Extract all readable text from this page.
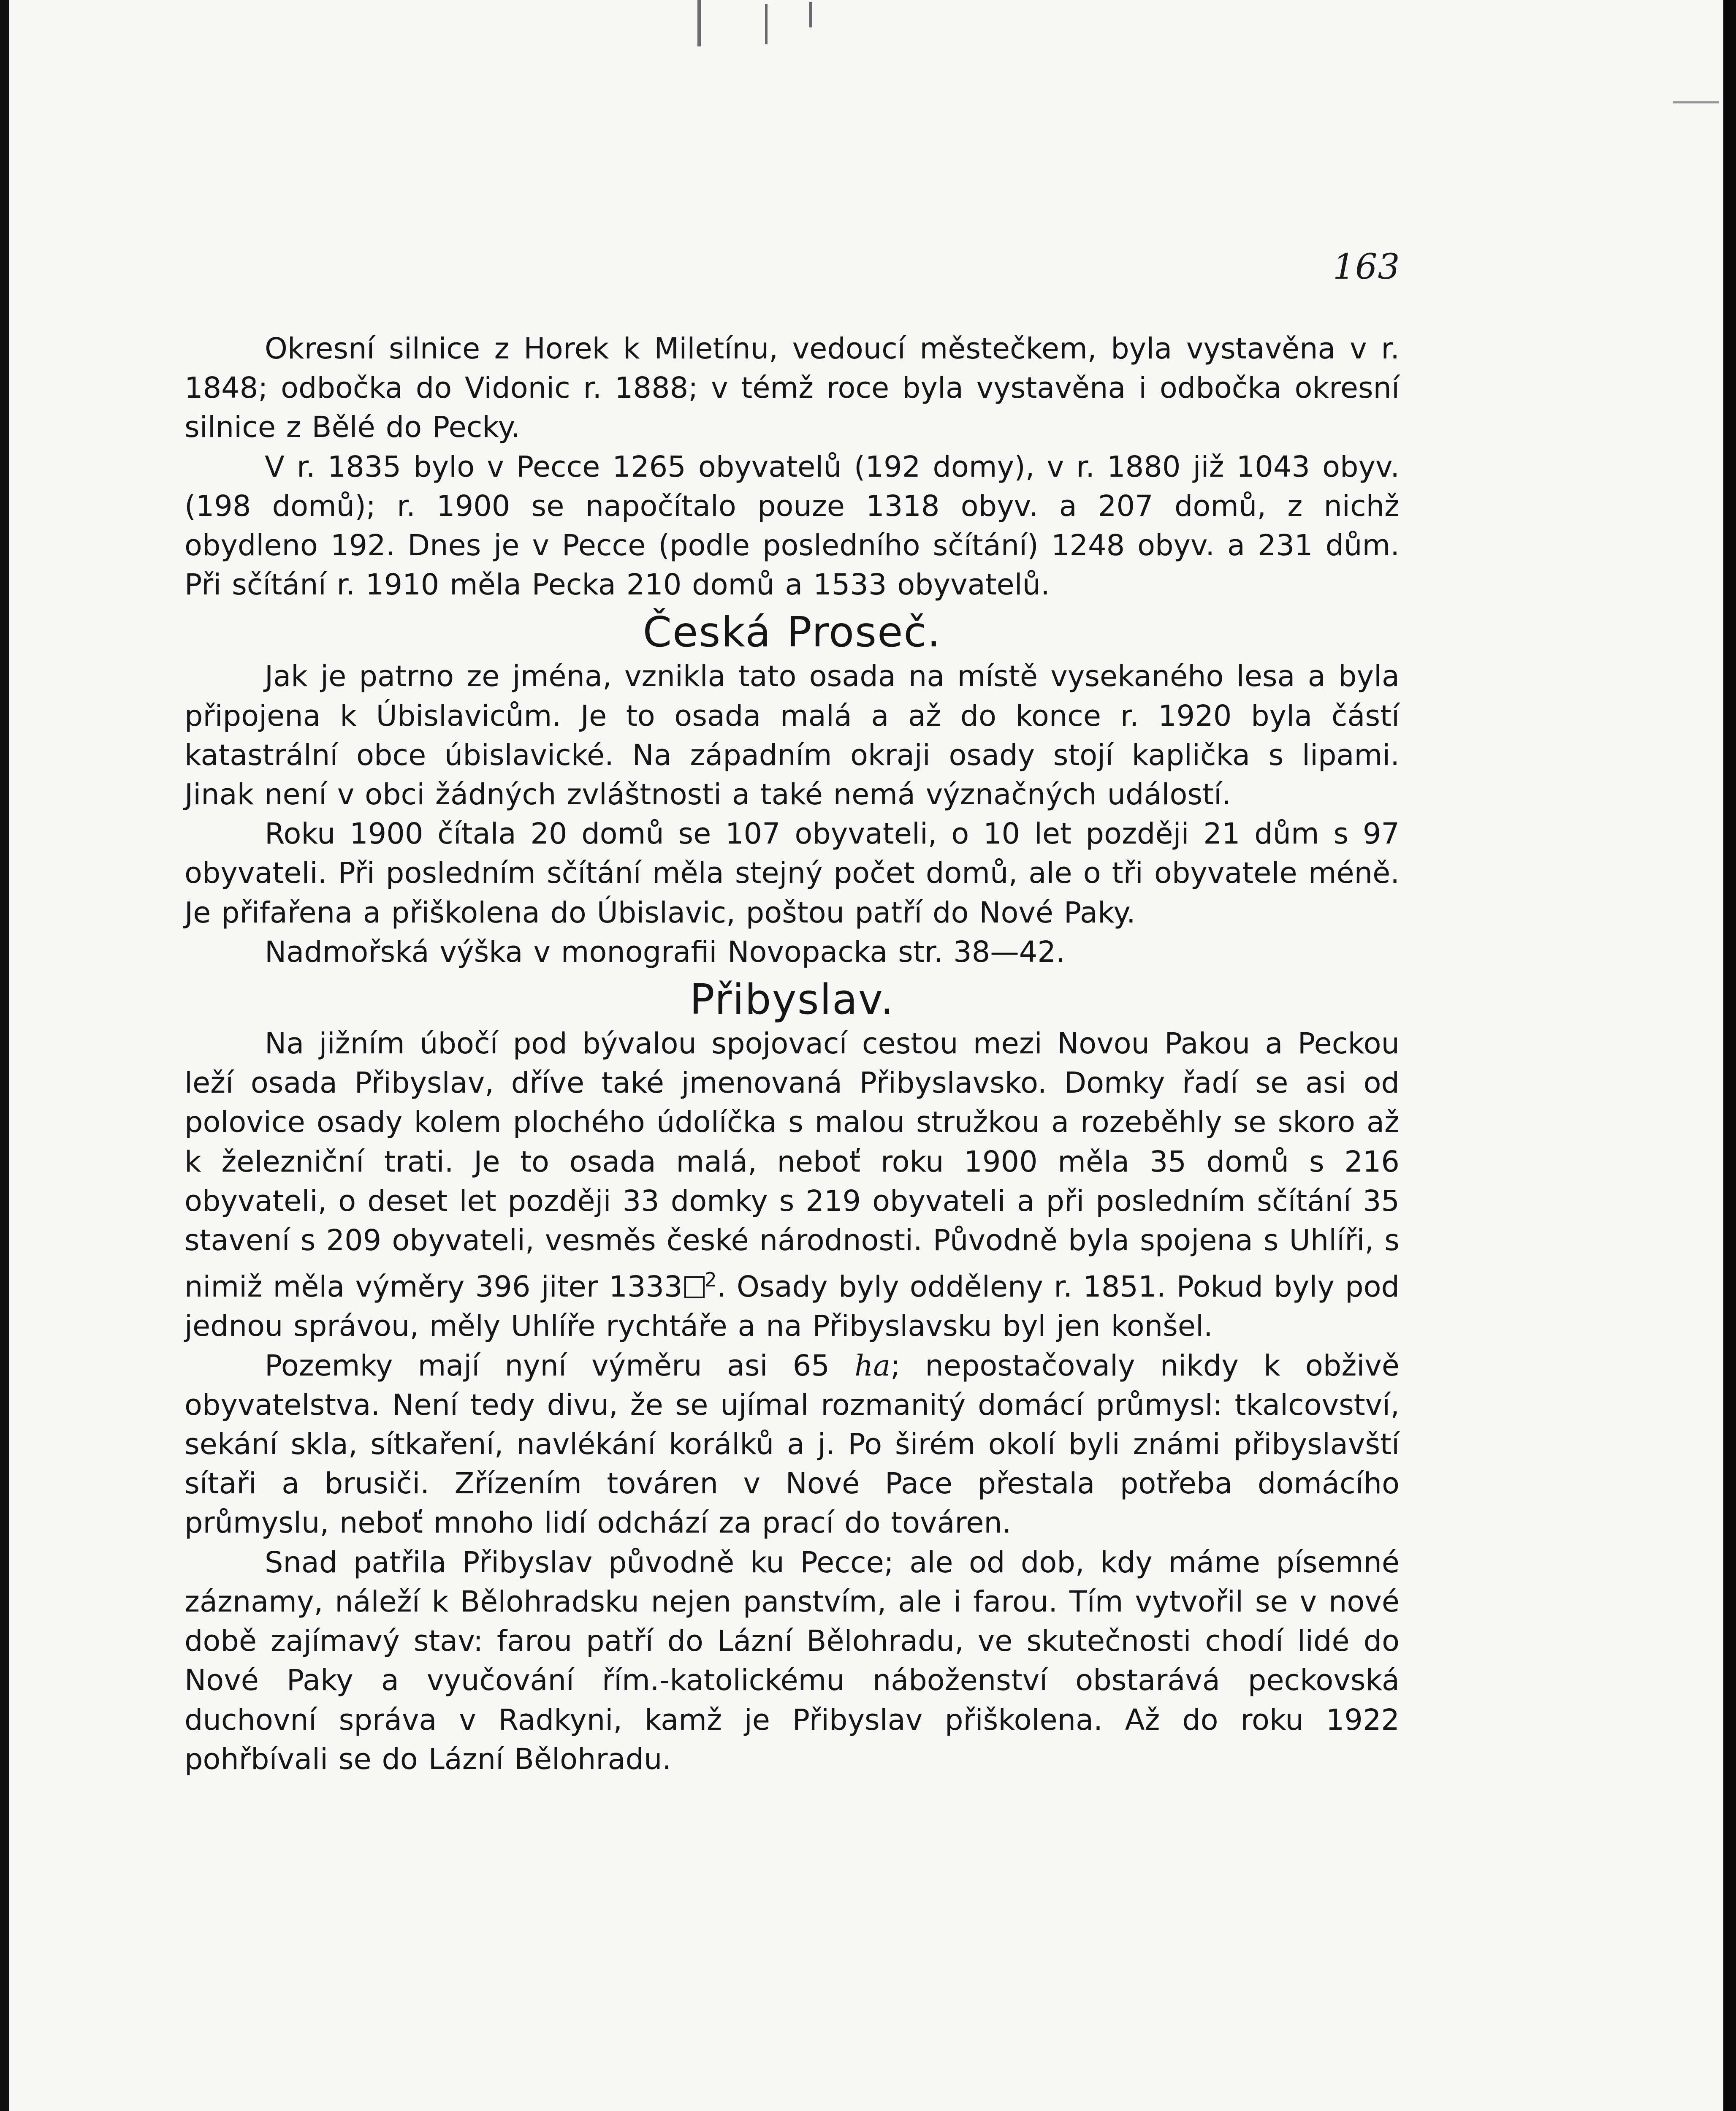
163

Okresní silnice z Horek k Miletínu, vedoucí městečkem, byla vystavěna v r. 1848; odbočka do Vidonic r. 1888; v témž roce byla vystavěna i odbočka okresní silnice z Bělé do Pecky.

V r. 1835 bylo v Pecce 1265 obyvatelů (192 domy), v r. 1880 již 1043 obyv. (198 domů); r. 1900 se napočítalo pouze 1318 obyv. a 207 domů, z nichž obydleno 192. Dnes je v Pecce (podle posledního sčítání) 1248 obyv. a 231 dům. Při sčítání r. 1910 měla Pecka 210 domů a 1533 obyvatelů.

Česká Proseč.

Jak je patrno ze jména, vznikla tato osada na místě vysekaného lesa a byla připojena k Úbislavicům. Je to osada malá a až do konce r. 1920 byla částí katastrální obce úbislavické. Na západním okraji osady stojí kaplička s lipami. Jinak není v obci žádných zvláštnosti a také nemá význačných událostí.

Roku 1900 čítala 20 domů se 107 obyvateli, o 10 let později 21 dům s 97 obyvateli. Při posledním sčítání měla stejný počet domů, ale o tři obyvatele méně. Je přifařena a přiškolena do Úbislavic, poštou patří do Nové Paky.

Nadmořská výška v monografii Novopacka str. 38—42.

Přibyslav.

Na jižním úbočí pod bývalou spojovací cestou mezi Novou Pakou a Peckou leží osada Přibyslav, dříve také jmenovaná Přibyslavsko. Domky řadí se asi od polovice osady kolem plochého údolíčka s malou stružkou a rozeběhly se skoro až k železniční trati. Je to osada malá, neboť roku 1900 měla 35 domů s 216 obyvateli, o deset let později 33 domky s 219 obyvateli a při posledním sčítání 35 stavení s 209 obyvateli, vesměs české národnosti. Původně byla spojena s Uhlíři, s nimiž měla výměry 396 jiter 1333 $^2$. Osady byly odděleny r. 1851. Pokud byly pod jednou správou, měly Uhlíře rychtáře a na Přibyslavsku byl jen konšel.

Pozemky mají nyní výměru asi 65 ha; nepostačovaly nikdy k obživě obyvatelstva. Není tedy divu, že se ujímal rozmanitý domácí průmysl: tkalcovství, sekání skla, sítkaření, navlékání korálků a j. Po širém okolí byli známi přibyslavští sítaři a brusiči. Zřízením továren v Nové Pace přestala potřeba domácího průmyslu, neboť mnoho lidí odchází za prací do továren.

Snad patřila Přibyslav původně ku Pecce; ale od dob, kdy máme písemné záznamy, náleží k Bělohradsku nejen panstvím, ale i farou. Tím vytvořil se v nové době zajímavý stav: farou patří do Lázní Bělohradu, ve skutečnosti chodí lidé do Nové Paky a vyučování řím.-katolickému náboženství obstarává peckovská duchovní správa v Radkyni, kamž je Přibyslav přiškolena. Až do roku 1922 pohřbívali se do Lázní Bělohradu.
